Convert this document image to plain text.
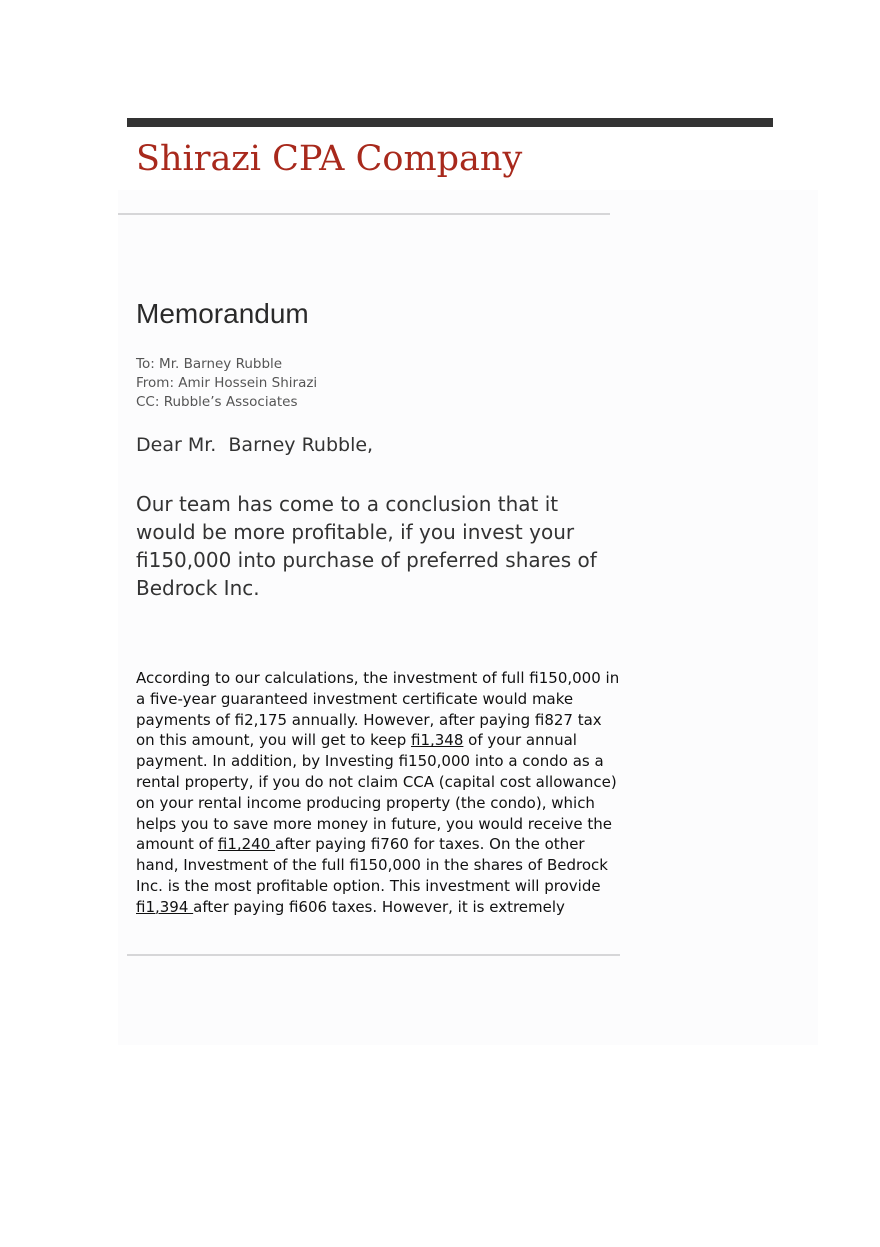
Shirazi CPA Company
Memorandum
To: Mr. Barney Rubble
From: Amir Hossein Shirazi
CC: Rubble’s Associates
Dear Mr.  Barney Rubble,
Our team has come to a conclusion that it
would be more profitable, if you invest your
fi150,000 into purchase of preferred shares of
Bedrock Inc.
According to our calculations, the investment of full fi150,000 in
a five-year guaranteed investment certificate would make
payments of fi2,175 annually. However, after paying fi827 tax
on this amount, you will get to keep fi1,348 of your annual
payment. In addition, by Investing fi150,000 into a condo as a
rental property, if you do not claim CCA (capital cost allowance)
on your rental income producing property (the condo), which
helps you to save more money in future, you would receive the
amount of fi1,240 after paying fi760 for taxes. On the other
hand, Investment of the full fi150,000 in the shares of Bedrock
Inc. is the most profitable option. This investment will provide
fi1,394 after paying fi606 taxes. However, it is extremely
